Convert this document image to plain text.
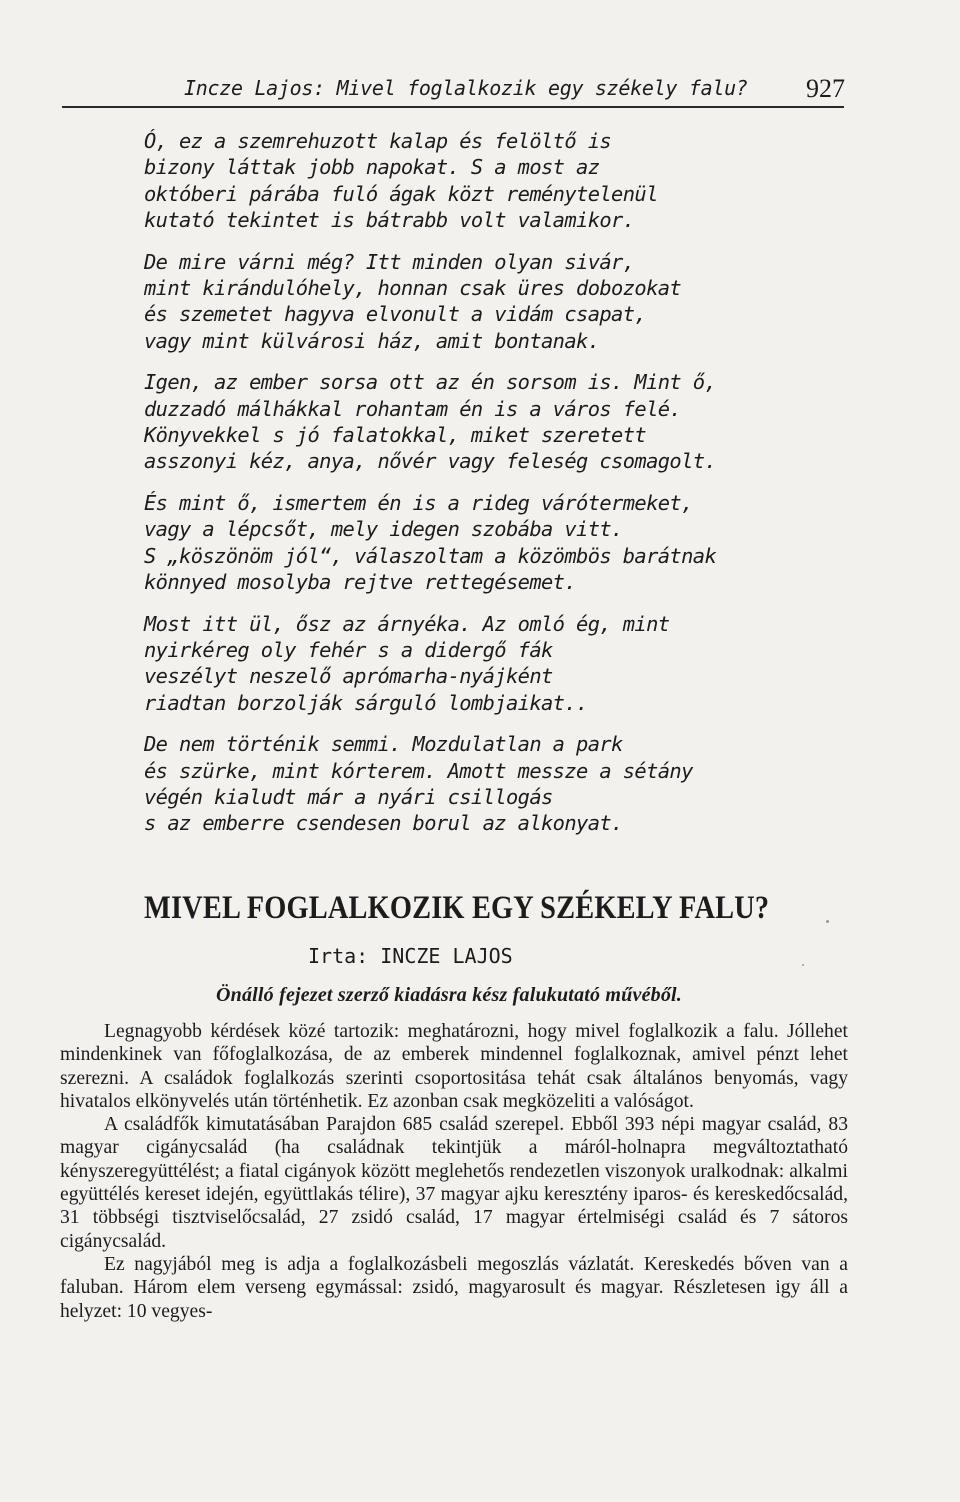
Incze Lajos: Mivel foglalkozik egy székely falu? 927
Ó, ez a szemrehuzott kalap és felöltő is
bizony láttak jobb napokat. S a most az
októberi párába fuló ágak közt reménytelenül
kutató tekintet is bátrabb volt valamikor.
De mire várni még? Itt minden olyan sivár,
mint kirándulóhely, honnan csak üres dobozokat
és szemetet hagyva elvonult a vidám csapat,
vagy mint külvárosi ház, amit bontanak.
Igen, az ember sorsa ott az én sorsom is. Mint ő,
duzzadó málhákkal rohantam én is a város felé.
Könyvekkel s jó falatokkal, miket szeretett
asszonyi kéz, anya, nővér vagy feleség csomagolt.
És mint ő, ismertem én is a rideg várótermeket,
vagy a lépcsőt, mely idegen szobába vitt.
S „köszönöm jól“, válaszoltam a közömbös barátnak
könnyed mosolyba rejtve rettegésemet.
Most itt ül, ősz az árnyéka. Az omló ég, mint
nyirkéreg oly fehér s a didergő fák
veszélyt neszelő aprómarha-nyájként
riadtan borzolják sárguló lombjaikat..
De nem történik semmi. Mozdulatlan a park
és szürke, mint kórterem. Amott messze a sétány
végén kialudt már a nyári csillogás
s az emberre csendesen borul az alkonyat.
MIVEL FOGLALKOZIK EGY SZÉKELY FALU?
Irta: INCZE LAJOS
Önálló fejezet szerző kiadásra kész falukutató művéből.

Legnagyobb kérdések közé tartozik: meghatározni, hogy mivel foglalkozik a falu. Jóllehet mindenkinek van főfoglalkozása, de az emberek mindennel foglalkoznak, amivel pénzt lehet szerezni. A családok foglalkozás szerinti csoportositása tehát csak általános benyomás, vagy hivatalos elkönyvelés után történhetik. Ez azonban csak megközeliti a valóságot.

A családfők kimutatásában Parajdon 685 család szerepel. Ebből 393 népi magyar család, 83 magyar cigánycsalád (ha családnak tekintjük a máról-holnapra megváltoztatható kényszeregyüttélést; a fiatal cigányok között meglehetős rendezetlen viszonyok uralkodnak: alkalmi együttélés kereset idején, együttlakás télire), 37 magyar ajku keresztény iparos- és kereskedőcsalád, 31 többségi tisztviselőcsalád, 27 zsidó család, 17 magyar értelmiségi család és 7 sátoros cigánycsalád.

Ez nagyjából meg is adja a foglalkozásbeli megoszlás vázlatát. Kereskedés bőven van a faluban. Három elem verseng egymással: zsidó, magyarosult és magyar. Részletesen igy áll a helyzet: 10 vegyes-
